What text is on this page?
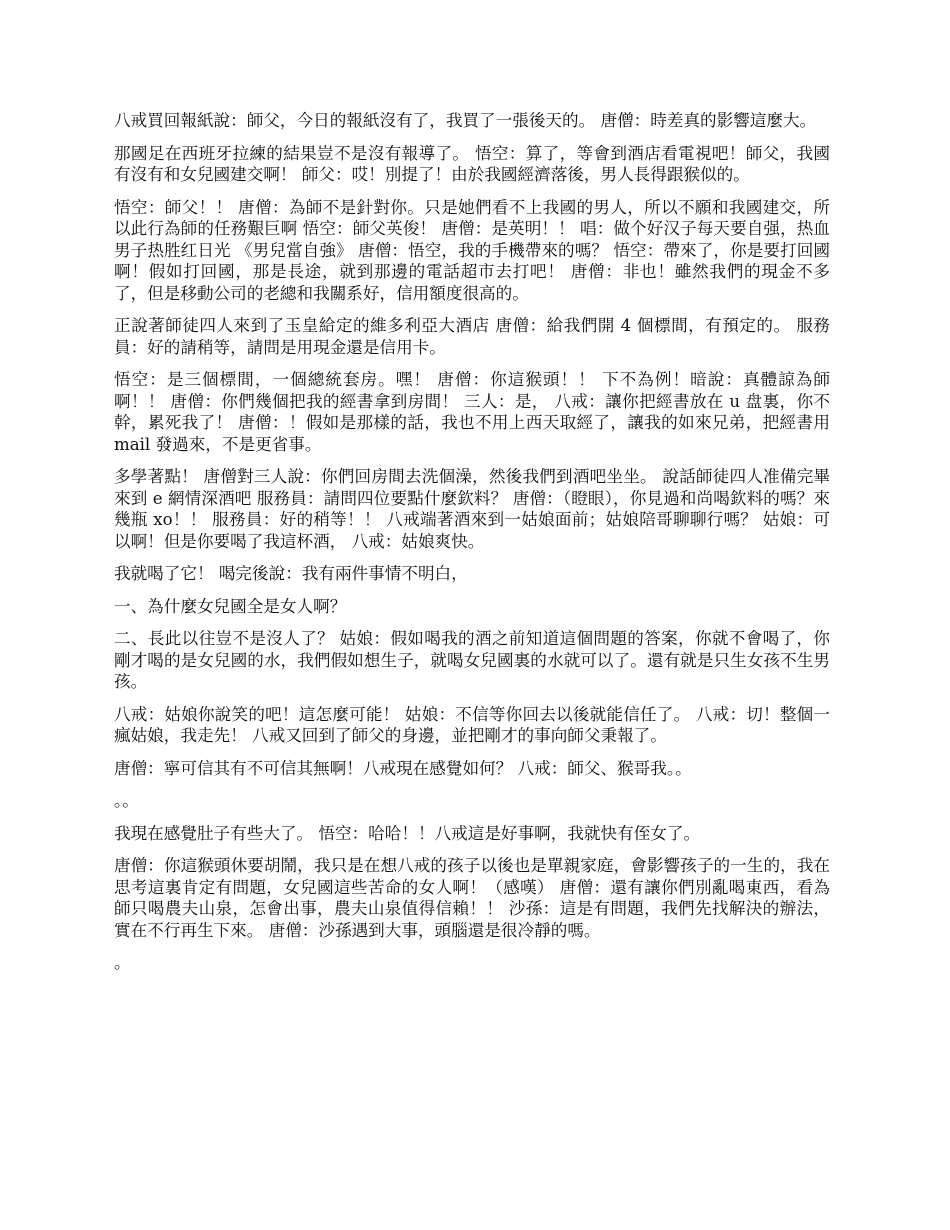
八戒買回報紙說：師父，今日的報紙沒有了，我買了一張後天的。 唐僧：時差真的影響這麼大。

那國足在西班牙拉練的結果豈不是沒有報導了。 悟空：算了，等會到酒店看電視吧！師父，我國有沒有和女兒國建交啊！ 師父：哎！別提了！由於我國經濟落後，男人長得跟猴似的。

悟空：師父！！ 唐僧：為師不是針對你。只是她們看不上我國的男人，所以不願和我國建交，所以此行為師的任務艱巨啊 悟空：師父英俊！ 唐僧：是英明！！ 唱：做个好汉子每天要自强，热血男子热胜红日光 《男兒當自強》 唐僧：悟空，我的手機帶來的嗎？ 悟空：帶來了，你是要打回國啊！假如打回國，那是長途，就到那邊的電話超市去打吧！ 唐僧：非也！雖然我們的現金不多了，但是移動公司的老總和我關系好，信用額度很高的。

正說著師徒四人來到了玉皇給定的維多利亞大酒店 唐僧：給我們開 4 個標間，有預定的。 服務員：好的請稍等，請問是用現金還是信用卡。

悟空：是三個標間，一個總統套房。嘿！ 唐僧：你這猴頭！！ 下不為例！暗說：真體諒為師啊！！ 唐僧：你們幾個把我的經書拿到房間！ 三人：是， 八戒：讓你把經書放在 u 盘裏，你不幹，累死我了！ 唐僧：！假如是那樣的話，我也不用上西天取經了，讓我的如來兄弟，把經書用 mail 發過來，不是更省事。

多學著點！ 唐僧對三人說：你們回房間去洗個澡，然後我們到酒吧坐坐。 說話師徒四人准備完畢來到 e 網情深酒吧 服務員：請問四位要點什麼欽料？ 唐僧：（瞪眼），你見過和尚喝欽料的嗎？來幾瓶 xo！！ 服務員：好的稍等！！ 八戒端著酒來到一姑娘面前；姑娘陪哥聊聊行嗎？ 姑娘：可以啊！但是你要喝了我這杯酒， 八戒：姑娘爽快。

我就喝了它！ 喝完後說：我有兩件事情不明白，

一、為什麼女兒國全是女人啊？

二、長此以往豈不是沒人了？ 姑娘：假如喝我的酒之前知道這個問題的答案，你就不會喝了，你剛才喝的是女兒國的水，我們假如想生子，就喝女兒國裏的水就可以了。還有就是只生女孩不生男孩。

八戒：姑娘你說笑的吧！這怎麼可能！ 姑娘：不信等你回去以後就能信任了。 八戒：切！整個一瘋姑娘，我走先！ 八戒又回到了師父的身邊，並把剛才的事向師父秉報了。

唐僧：寧可信其有不可信其無啊！八戒現在感覺如何？ 八戒：師父、猴哥我。。

。。

我現在感覺肚子有些大了。 悟空：哈哈！！八戒這是好事啊，我就快有侄女了。

唐僧：你這猴頭休要胡鬧，我只是在想八戒的孩子以後也是單親家庭，會影響孩子的一生的，我在思考這裏肯定有問題，女兒國這些苦命的女人啊！（感嘆） 唐僧：還有讓你們別亂喝東西，看為師只喝農夫山泉，怎會出事，農夫山泉值得信賴！！ 沙孫：這是有問題，我們先找解決的辦法，實在不行再生下來。 唐僧：沙孫遇到大事，頭腦還是很冷靜的嗎。

。
